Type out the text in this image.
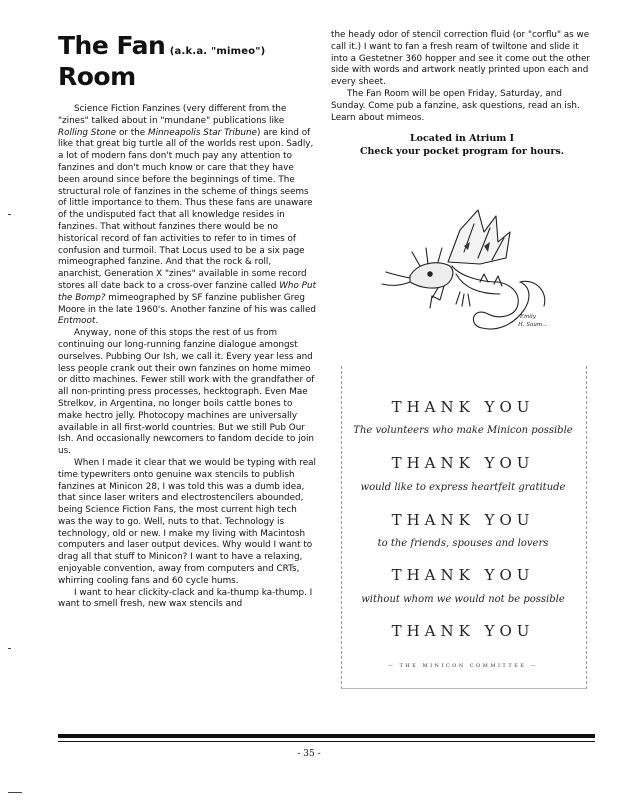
The Fan (a.k.a. "mimeo")
Room

Science Fiction Fanzines (very different from the "zines" talked about in "mundane" publications like Rolling Stone or the Minneapolis Star Tribune) are kind of like that great big turtle all of the worlds rest upon. Sadly, a lot of modern fans don't much pay any attention to fanzines and don't much know or care that they have been around since before the beginnings of time. The structural role of fanzines in the scheme of things seems of little importance to them. Thus these fans are unaware of the undisputed fact that all knowledge resides in fanzines. That without fanzines there would be no historical record of fan activities to refer to in times of confusion and turmoil. That Locus used to be a six page mimeographed fanzine. And that the rock & roll, anarchist, Generation X "zines" available in some record stores all date back to a cross-over fanzine called Who Put the Bomp? mimeographed by SF fanzine publisher Greg Moore in the late 1960's. Another fanzine of his was called Entmoot.

Anyway, none of this stops the rest of us from continuing our long-running fanzine dialogue amongst ourselves. Pubbing Our Ish, we call it. Every year less and less people crank out their own fanzines on home mimeo or ditto machines. Fewer still work with the grandfather of all non-printing press processes, hecktograph. Even Mae Strelkov, in Argentina, no longer boils cattle bones to make hectro jelly. Photocopy machines are universally available in all first-world countries. But we still Pub Our Ish. And occasionally newcomers to fandom decide to join us.

When I made it clear that we would be typing with real time typewriters onto genuine wax stencils to publish fanzines at Minicon 28, I was told this was a dumb idea, that since laser writers and electrostencilers abounded, being Science Fiction Fans, the most current high tech was the way to go. Well, nuts to that. Technology is technology, old or new. I make my living with Macintosh computers and laser output devices. Why would I want to drag all that stuff to Minicon? I want to have a relaxing, enjoyable convention, away from computers and CRTs, whirring cooling fans and 60 cycle hums.

I want to hear clickity-clack and ka-thump ka-thump. I want to smell fresh, new wax stencils and

the heady odor of stencil correction fluid (or "corflu" as we call it.) I want to fan a fresh ream of twiltone and slide it into a Gestetner 360 hopper and see it come out the other side with words and artwork neatly printed upon each and every sheet.

The Fan Room will be open Friday, Saturday, and Sunday. Come pub a fanzine, ask questions, read an ish. Learn about mimeos.

Located in Atrium I
Check your pocket program for hours.
Emily
H. Saum...
THANK YOU
The volunteers who make Minicon possible
THANK YOU
would like to express heartfelt gratitude
THANK YOU
to the friends, spouses and lovers
THANK YOU
without whom we would not be possible
THANK YOU
— THE MINICON COMMITTEE —
- 35 -
